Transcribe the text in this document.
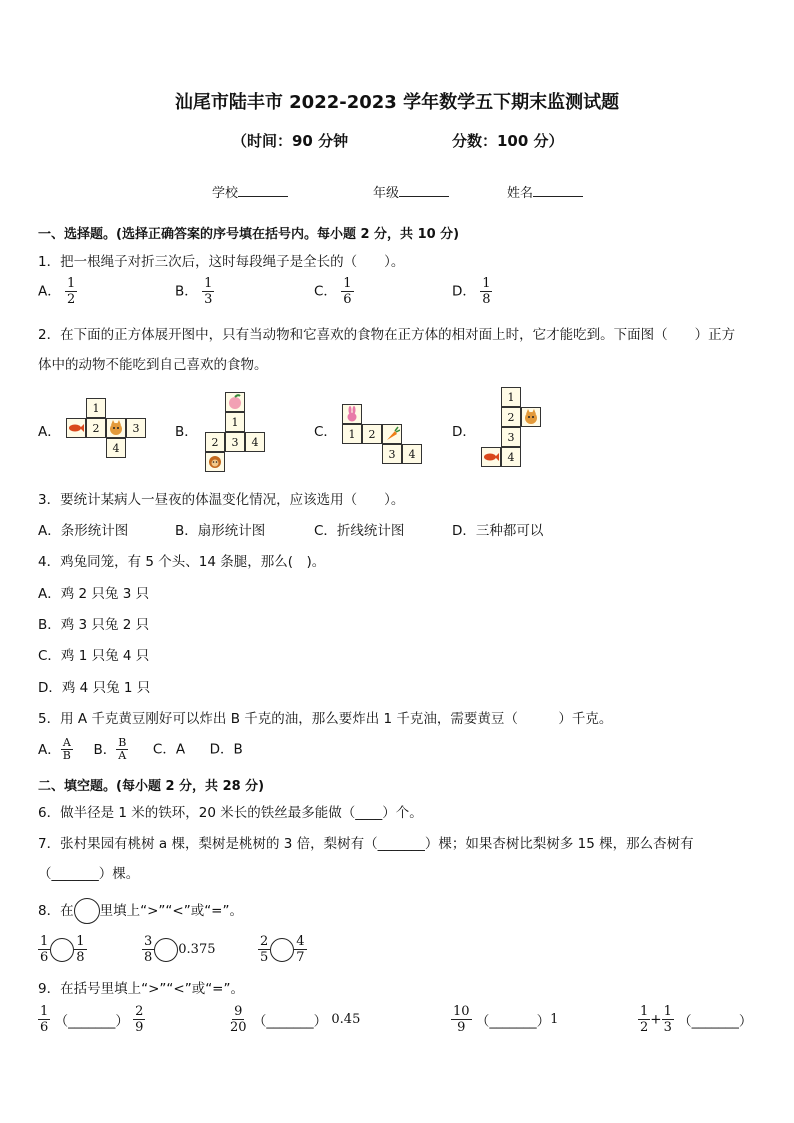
汕尾市陆丰市 2022-2023 学年数学五下期末监测试题
（时间：90 分钟	分数：100 分）
学校	年级	姓名
一、选择题。(选择正确答案的序号填在括号内。每小题 2 分，共 10 分)
1．把一根绳子对折三次后，这时每段绳子是全长的（　　）。
A． $\frac{1}{2}$	B． $\frac{1}{3}$	C． $\frac{1}{6}$	D． $\frac{1}{8}$
2．在下面的正方体展开图中，只有当动物和它喜欢的食物在正方体的相对面上时，它才能吃到。下面图（　　）正方
体中的动物不能吃到自己喜欢的食物。
A．	B．	C．	D．
1
2	3
4
1
2	3	4
1	2
3	4
1
2
3
4
3．要统计某病人一昼夜的体温变化情况，应该选用（　　）。
A．条形统计图	B．扇形统计图	C．折线统计图	D．三种都可以
4．鸡兔同笼，有 5 个头、14 条腿，那么(　)。
A．鸡 2 只兔 3 只
B．鸡 3 只兔 2 只
C．鸡 1 只兔 4 只
D．鸡 4 只兔 1 只
5．用 A 千克黄豆刚好可以炸出 B 千克的油，那么要炸出 1 千克油，需要黄豆（　　　）千克。
A． $\frac{A}{B}$ B． $\frac{B}{A}$ C．A D．B
二、填空题。(每小题 2 分，共 28 分)
6．做半径是 1 米的铁环，20 米长的铁丝最多能做（____）个。
7．张村果园有桃树 a 棵，梨树是桃树的 3 倍，梨树有（_______）棵；如果杏树比梨树多 15 棵，那么杏树有
（_______）棵。
8．在 里填上“>”“<”或“=”。
$\frac{1}{6} \frac{1}{8}$	$\frac{3}{8} 0.375$	$\frac{2}{5} \frac{4}{7}$
9．在括号里填上“>”“<”或“=”。
$\frac{1}{6}$ （_______） $\frac{2}{9}$	$\frac{9}{20}$ （_______） 0.45	$\frac{10}{9}$ （_______）1	$\frac{1}{2} + \frac{1}{3}$ （_______）
